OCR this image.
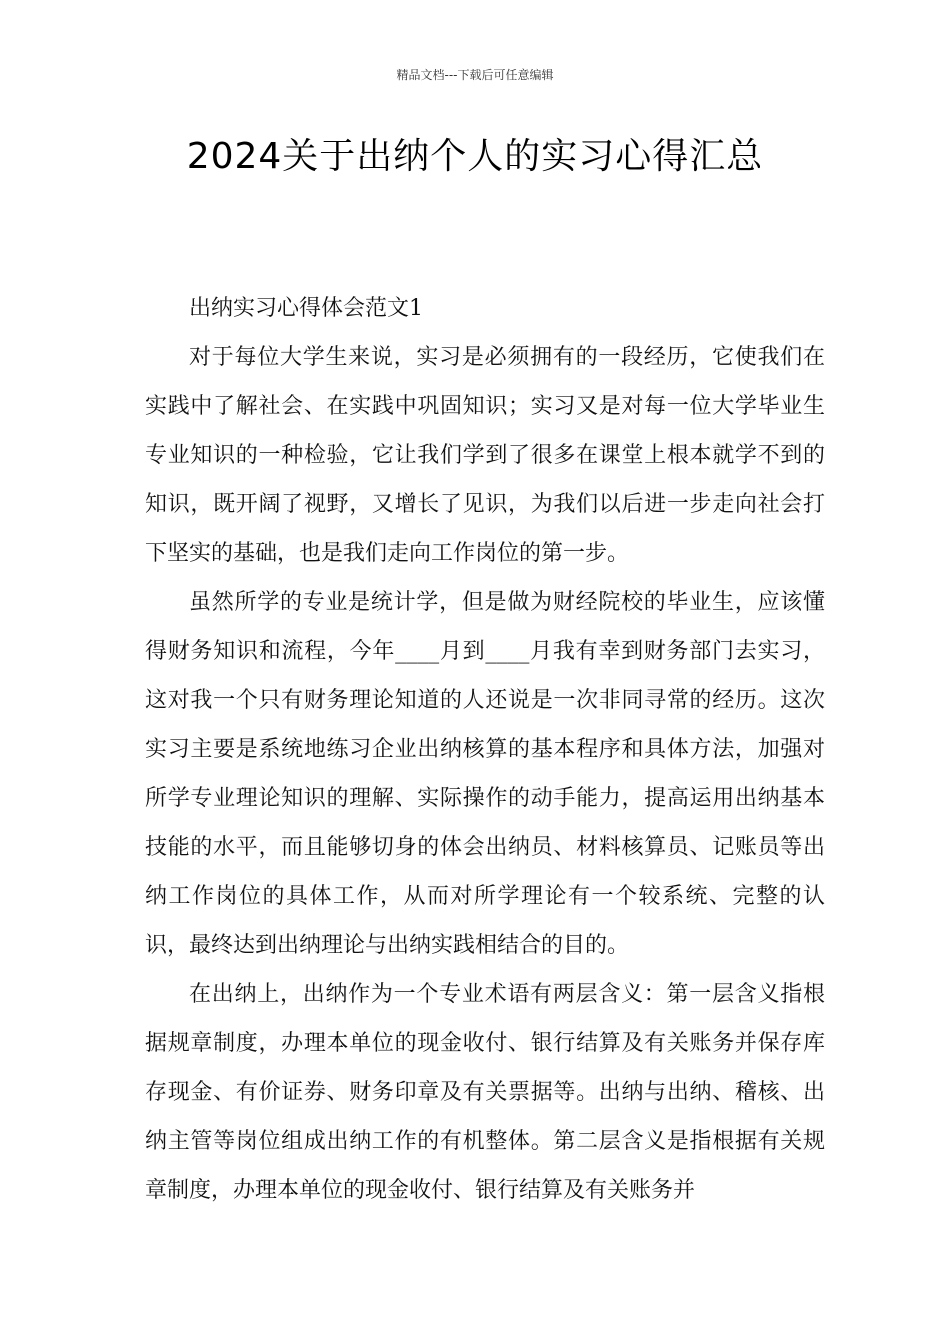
精品文档---下载后可任意编辑
2024关于出纳个人的实习心得汇总

出纳实习心得体会范文1

对于每位大学生来说，实习是必须拥有的一段经历，它使我们在实践中了解社会、在实践中巩固知识；实习又是对每一位大学毕业生专业知识的一种检验，它让我们学到了很多在课堂上根本就学不到的知识，既开阔了视野，又增长了见识，为我们以后进一步走向社会打下坚实的基础，也是我们走向工作岗位的第一步。

虽然所学的专业是统计学，但是做为财经院校的毕业生，应该懂得财务知识和流程，今年____月到____月我有幸到财务部门去实习，这对我一个只有财务理论知道的人还说是一次非同寻常的经历。这次实习主要是系统地练习企业出纳核算的基本程序和具体方法，加强对所学专业理论知识的理解、实际操作的动手能力，提高运用出纳基本技能的水平，而且能够切身的体会出纳员、材料核算员、记账员等出纳工作岗位的具体工作，从而对所学理论有一个较系统、完整的认识，最终达到出纳理论与出纳实践相结合的目的。

在出纳上，出纳作为一个专业术语有两层含义：第一层含义指根据规章制度，办理本单位的现金收付、银行结算及有关账务并保存库存现金、有价证券、财务印章及有关票据等。出纳与出纳、稽核、出纳主管等岗位组成出纳工作的有机整体。第二层含义是指根据有关规章制度，办理本单位的现金收付、银行结算及有关账务并
